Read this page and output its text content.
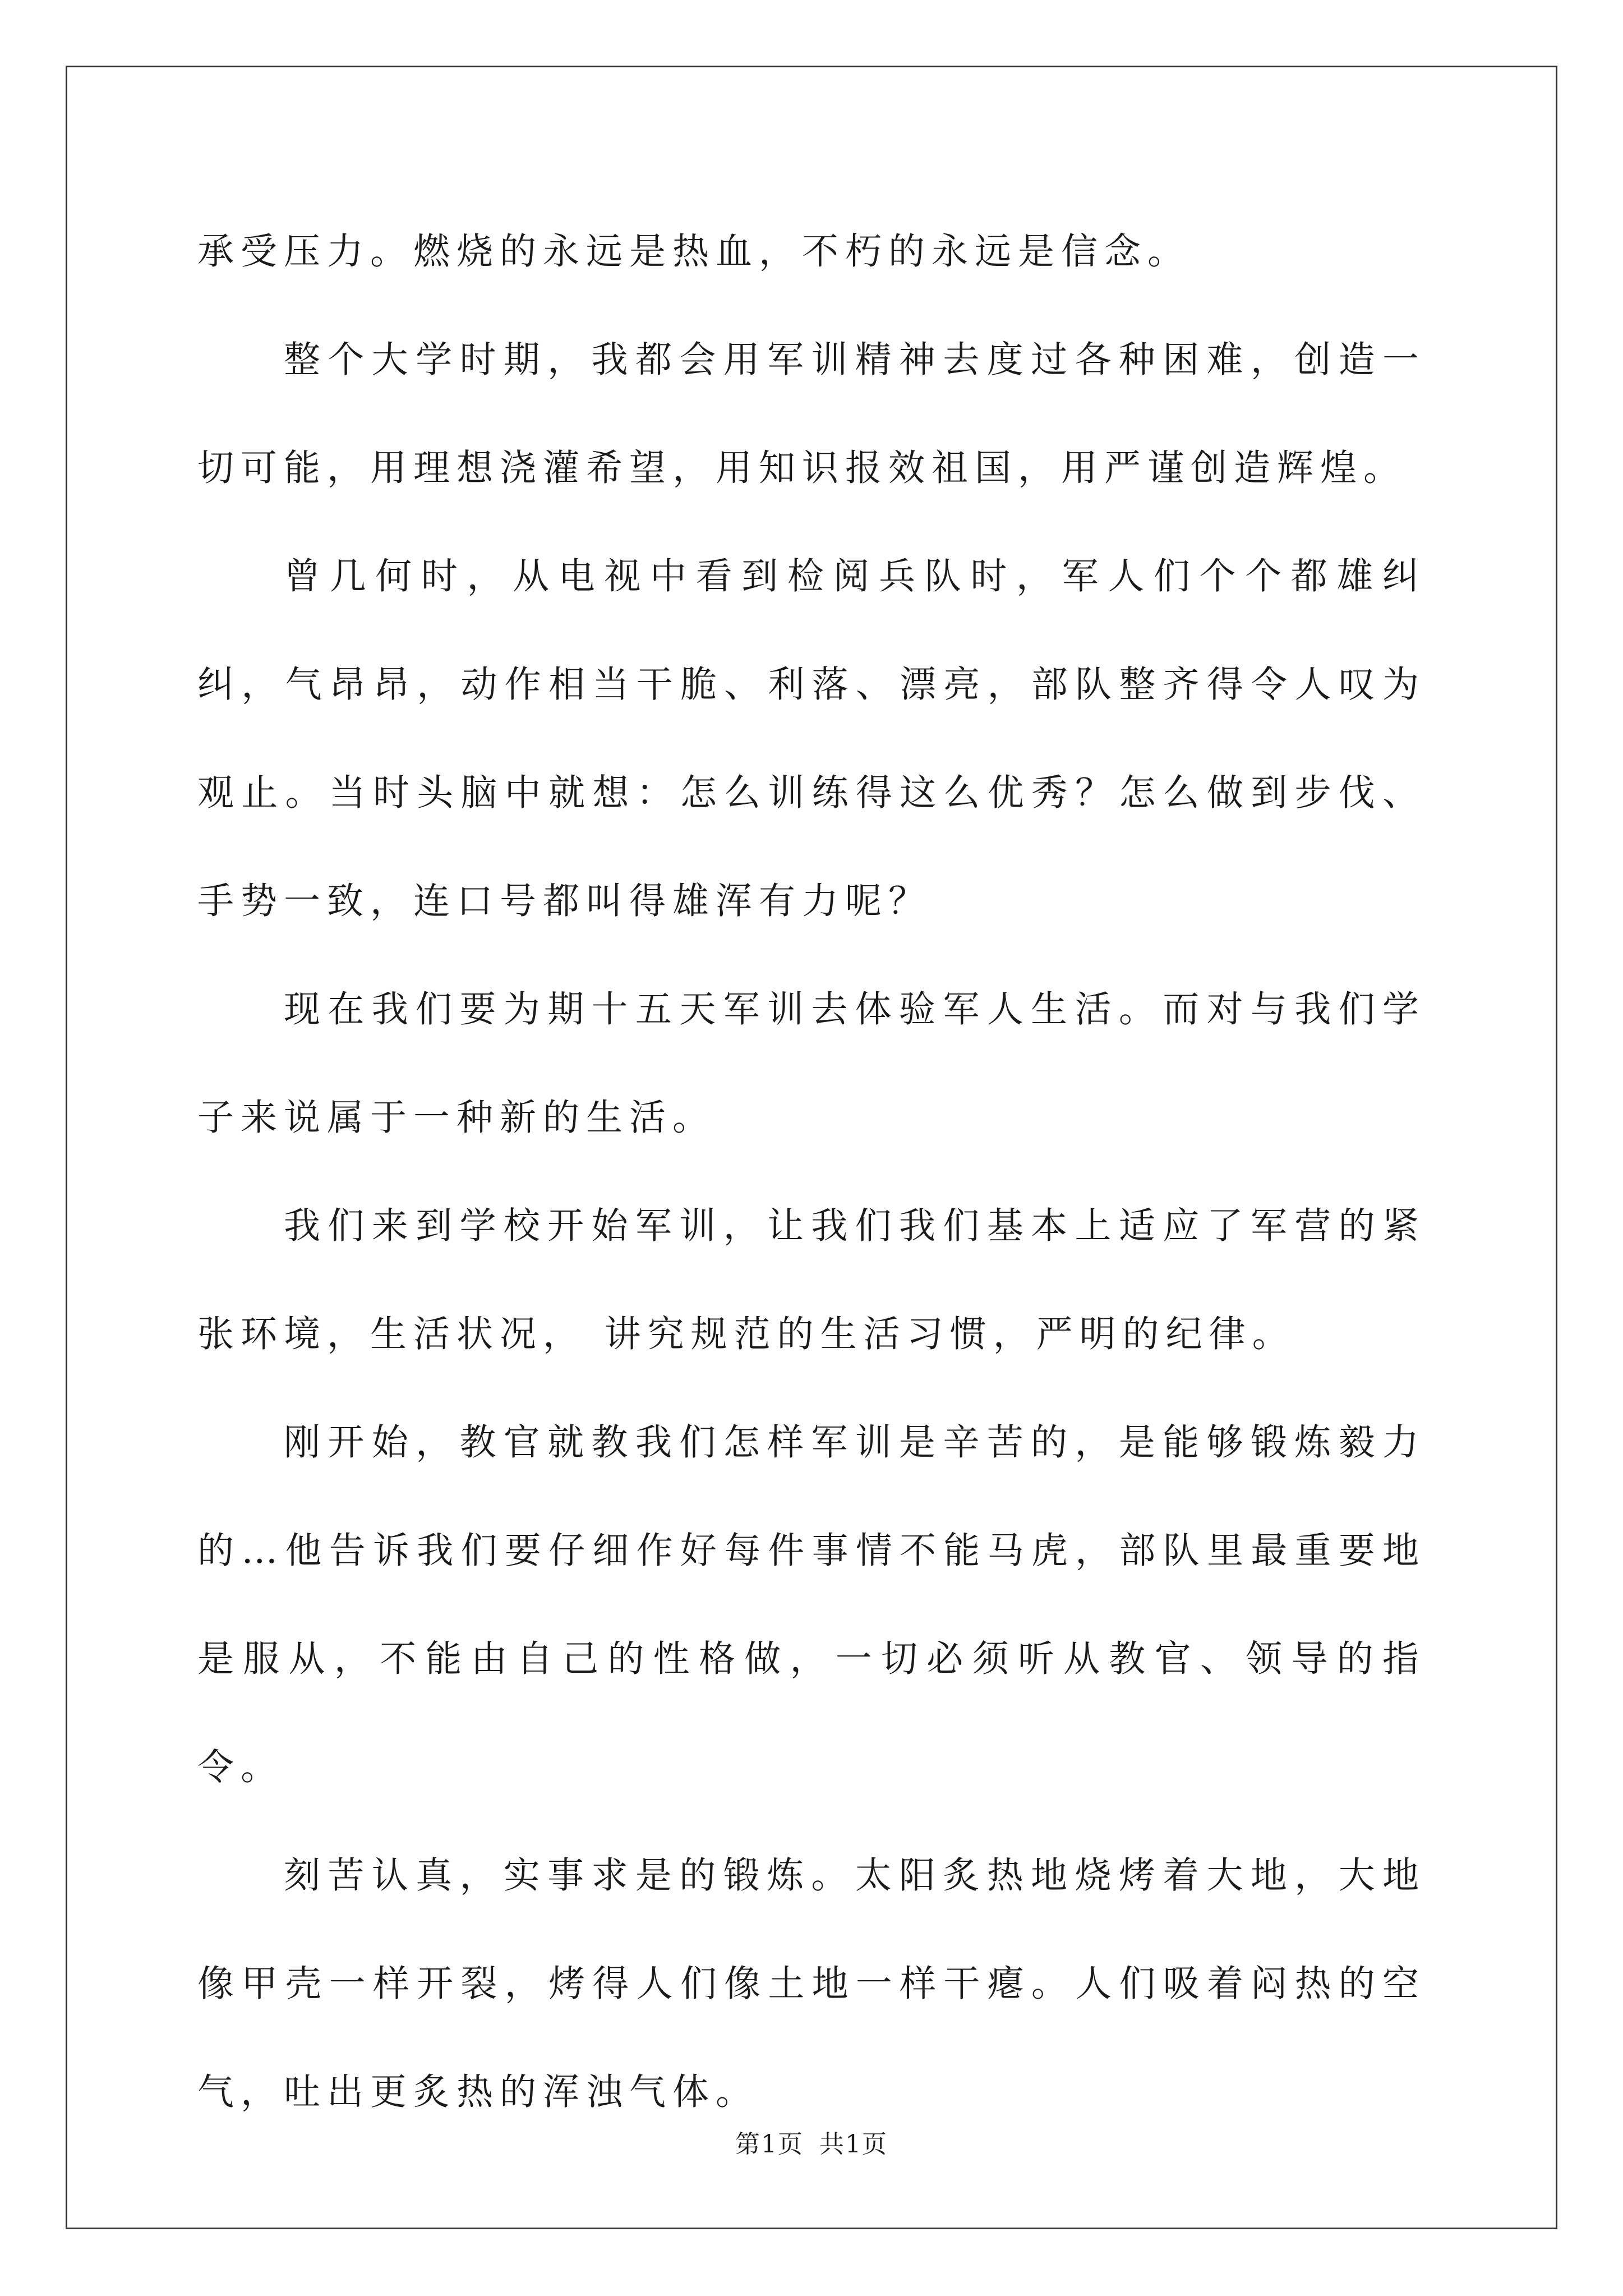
承受压力。燃烧的永远是热血，不朽的永远是信念。

整个大学时期，我都会用军训精神去度过各种困难，创造一切可能，用理想浇灌希望，用知识报效祖国，用严谨创造辉煌。

曾几何时，从电视中看到检阅兵队时，军人们个个都雄纠纠，气昂昂，动作相当干脆、利落、漂亮，部队整齐得令人叹为观止。当时头脑中就想：怎么训练得这么优秀？怎么做到步伐、手势一致，连口号都叫得雄浑有力呢？

现在我们要为期十五天军训去体验军人生活。而对与我们学子来说属于一种新的生活。

我们来到学校开始军训，让我们我们基本上适应了军营的紧张环境，生活状况， 讲究规范的生活习惯，严明的纪律。

刚开始，教官就教我们怎样军训是辛苦的，是能够锻炼毅力的…他告诉我们要仔细作好每件事情不能马虎，部队里最重要地是服从，不能由自己的性格做，一切必须听从教官、领导的指令。

刻苦认真，实事求是的锻炼。太阳炙热地烧烤着大地，大地像甲壳一样开裂，烤得人们像土地一样干瘪。人们吸着闷热的空气，吐出更炙热的浑浊气体。

第1页 共1页
